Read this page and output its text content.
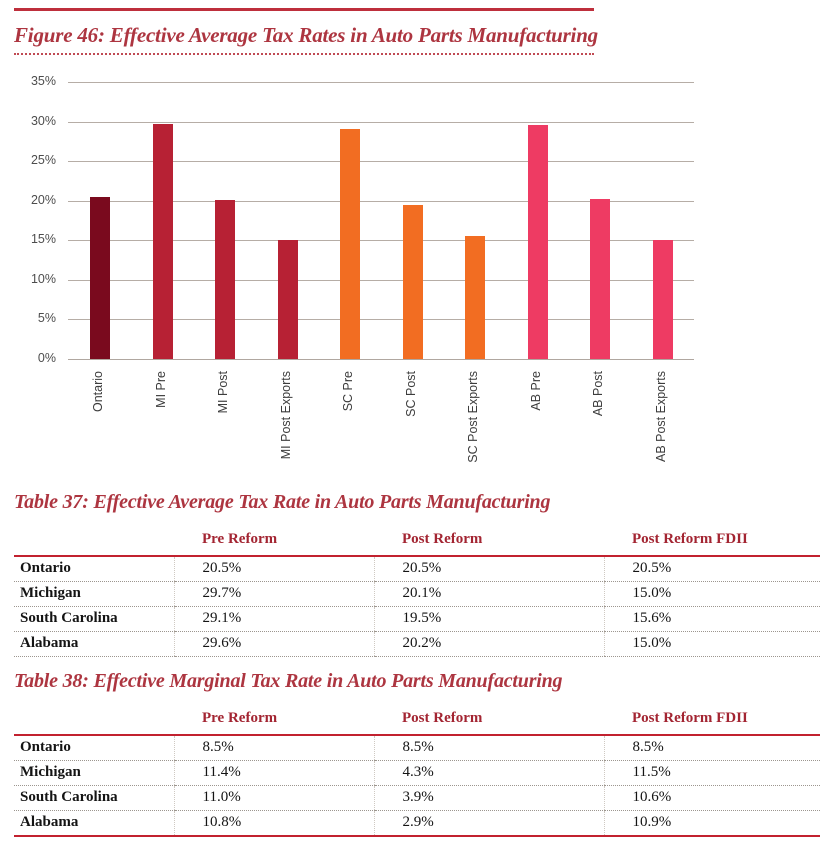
Figure 46: Effective Average Tax Rates in Auto Parts Manufacturing
0%
5%
10%
15%
20%
25%
30%
35%
Ontario	MI Pre	MI Post	MI Post Exports	SC Pre	SC Post	SC Post Exports	AB Pre	AB Post	AB Post Exports
Table 37: Effective Average Tax Rate in Auto Parts Manufacturing
	Pre Reform	Post Reform	Post Reform FDII
Ontario	20.5%	20.5%	20.5%
Michigan	29.7%	20.1%	15.0%
South Carolina	29.1%	19.5%	15.6%
Alabama	29.6%	20.2%	15.0%
Table 38: Effective Marginal Tax Rate in Auto Parts Manufacturing
	Pre Reform	Post Reform	Post Reform FDII
Ontario	8.5%	8.5%	8.5%
Michigan	11.4%	4.3%	11.5%
South Carolina	11.0%	3.9%	10.6%
Alabama	10.8%	2.9%	10.9%
